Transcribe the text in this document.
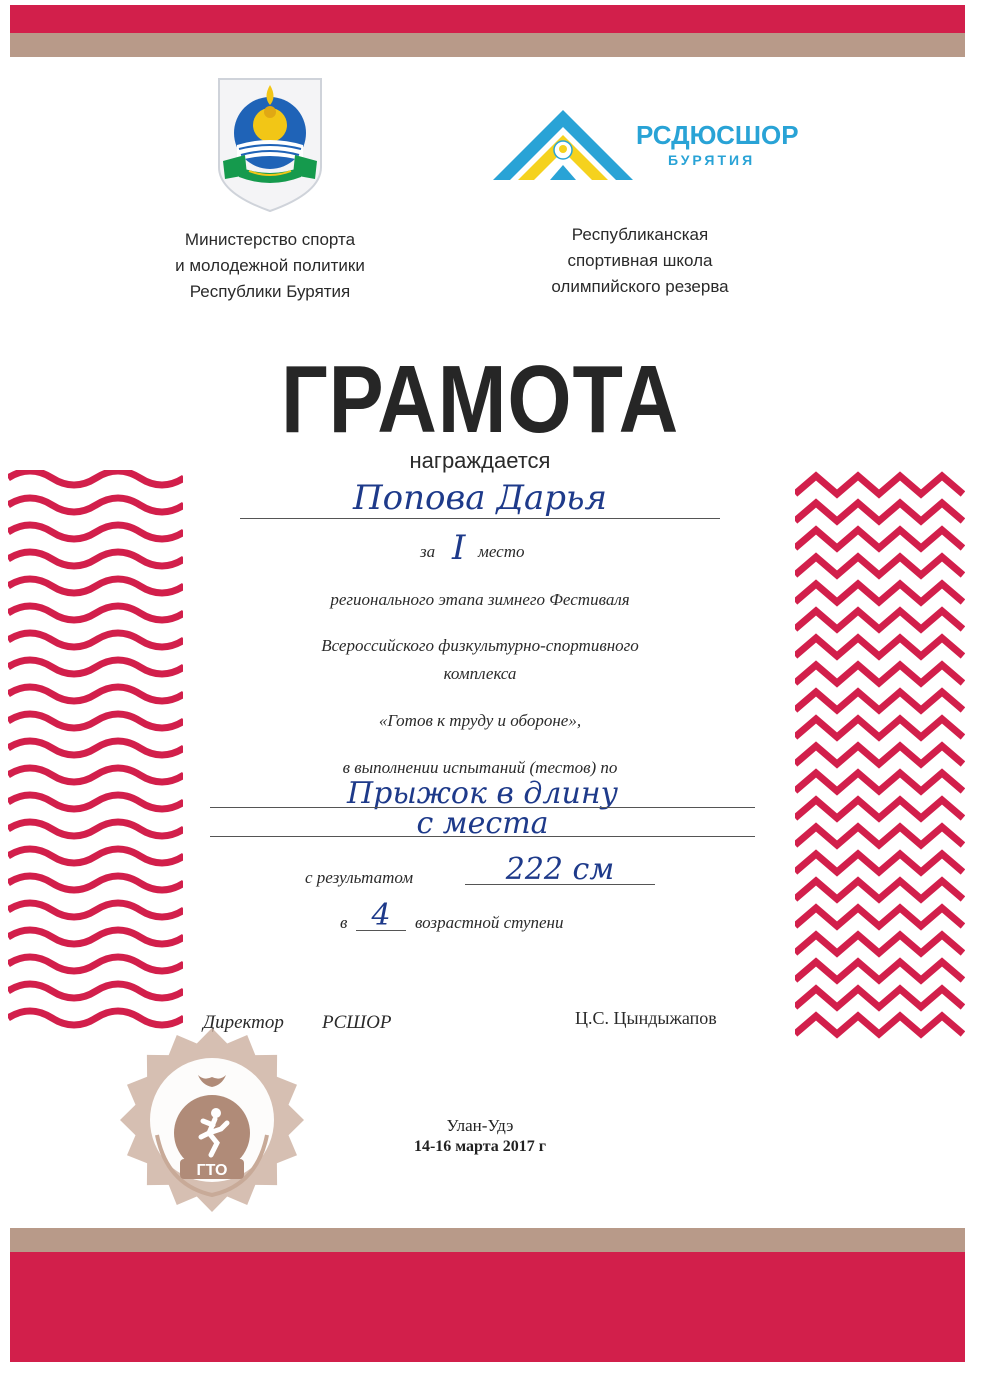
РСДЮСШОР
БУРЯТИЯ
Министерство спорта
и молодежной политики
Республики Бурятия
Республиканская
спортивная школа
олимпийского резерва
ГРАМОТА
награждается
Попова Дарья
за I место
регионального этапа зимнего Фестиваля
Всероссийского физкультурно-спортивного
комплекса
«Готов к труду и обороне»,
в выполнении испытаний (тестов) по
Прыжок в длину
с места
с результатом	222 см
в 4	возрастной ступени
Директор РСШОР	Ц.С. Цындыжапов
ГТО
Улан-Удэ
14-16 марта 2017 г
